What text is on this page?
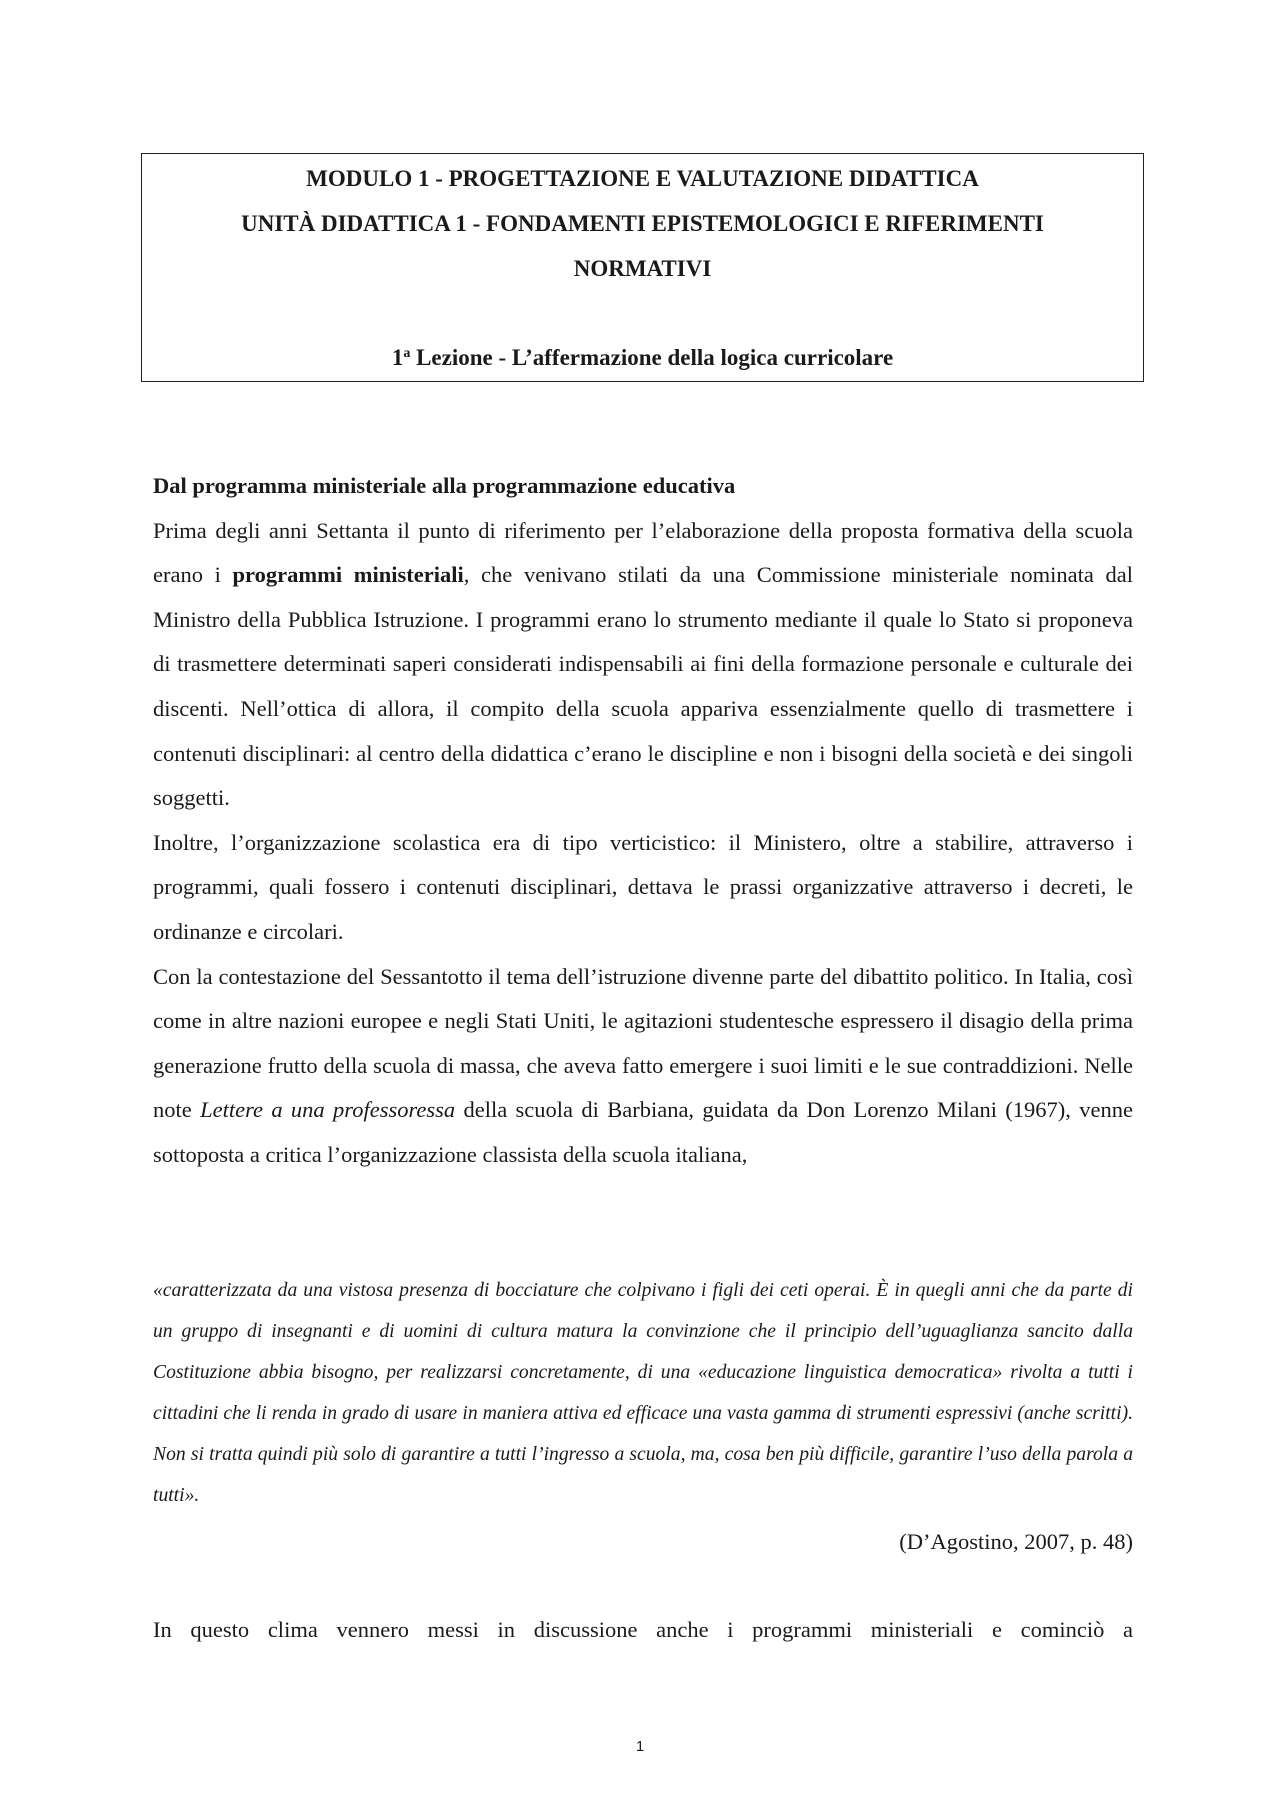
MODULO 1 - PROGETTAZIONE E VALUTAZIONE DIDATTICA
UNITÀ DIDATTICA 1 - FONDAMENTI EPISTEMOLOGICI E RIFERIMENTI
NORMATIVI
1$^a$ Lezione - L’affermazione della logica curricolare
Dal programma ministeriale alla programmazione educativa

Prima degli anni Settanta il punto di riferimento per l’elaborazione della proposta formativa della scuola erano i programmi ministeriali, che venivano stilati da una Commissione ministeriale nominata dal Ministro della Pubblica Istruzione. I programmi erano lo strumento mediante il quale lo Stato si proponeva di trasmettere determinati saperi considerati indispensabili ai fini della formazione personale e culturale dei discenti. Nell’ottica di allora, il compito della scuola appariva essenzialmente quello di trasmettere i contenuti disciplinari: al centro della didattica c’erano le discipline e non i bisogni della società e dei singoli soggetti.

Inoltre, l’organizzazione scolastica era di tipo verticistico: il Ministero, oltre a stabilire, attraverso i programmi, quali fossero i contenuti disciplinari, dettava le prassi organizzative attraverso i decreti, le ordinanze e circolari.

Con la contestazione del Sessantotto il tema dell’istruzione divenne parte del dibattito politico. In Italia, così come in altre nazioni europee e negli Stati Uniti, le agitazioni studentesche espressero il disagio della prima generazione frutto della scuola di massa, che aveva fatto emergere i suoi limiti e le sue contraddizioni. Nelle note Lettere a una professoressa della scuola di Barbiana, guidata da Don Lorenzo Milani (1967), venne sottoposta a critica l’organizzazione classista della scuola italiana,

«caratterizzata da una vistosa presenza di bocciature che colpivano i figli dei ceti operai. È in quegli anni che da parte di un gruppo di insegnanti e di uomini di cultura matura la convinzione che il principio dell’uguaglianza sancito dalla Costituzione abbia bisogno, per realizzarsi concretamente, di una «educazione linguistica democratica» rivolta a tutti i cittadini che li renda in grado di usare in maniera attiva ed efficace una vasta gamma di strumenti espressivi (anche scritti). Non si tratta quindi più solo di garantire a tutti l’ingresso a scuola, ma, cosa ben più difficile, garantire l’uso della parola a tutti».

(D’Agostino, 2007, p. 48)

In questo clima vennero messi in discussione anche i programmi ministeriali e cominciò a

1
